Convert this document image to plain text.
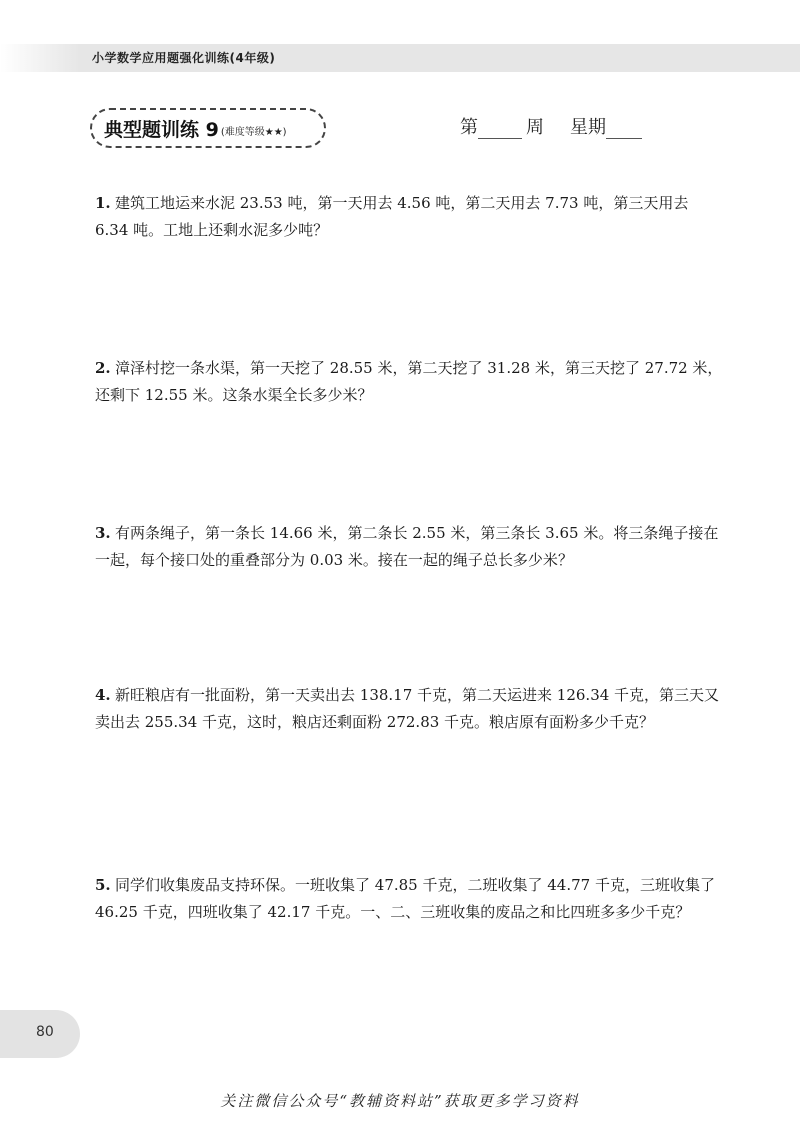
小学数学应用题强化训练(4年级)
典型题训练 9 (难度等级★★)	第	周 星期
1. 建筑工地运来水泥 23.53 吨，第一天用去 4.56 吨，第二天用去 7.73 吨，第三天用去 6.34 吨。工地上还剩水泥多少吨？
2. 漳泽村挖一条水渠，第一天挖了 28.55 米，第二天挖了 31.28 米，第三天挖了 27.72 米，还剩下 12.55 米。这条水渠全长多少米？
3. 有两条绳子，第一条长 14.66 米，第二条长 2.55 米，第三条长 3.65 米。将三条绳子接在一起，每个接口处的重叠部分为 0.03 米。接在一起的绳子总长多少米？
4. 新旺粮店有一批面粉，第一天卖出去 138.17 千克，第二天运进来 126.34 千克，第三天又卖出去 255.34 千克，这时，粮店还剩面粉 272.83 千克。粮店原有面粉多少千克？
5. 同学们收集废品支持环保。一班收集了 47.85 千克，二班收集了 44.77 千克，三班收集了 46.25 千克，四班收集了 42.17 千克。一、二、三班收集的废品之和比四班多多少千克？
80
关注微信公众号“教辅资料站”获取更多学习资料
